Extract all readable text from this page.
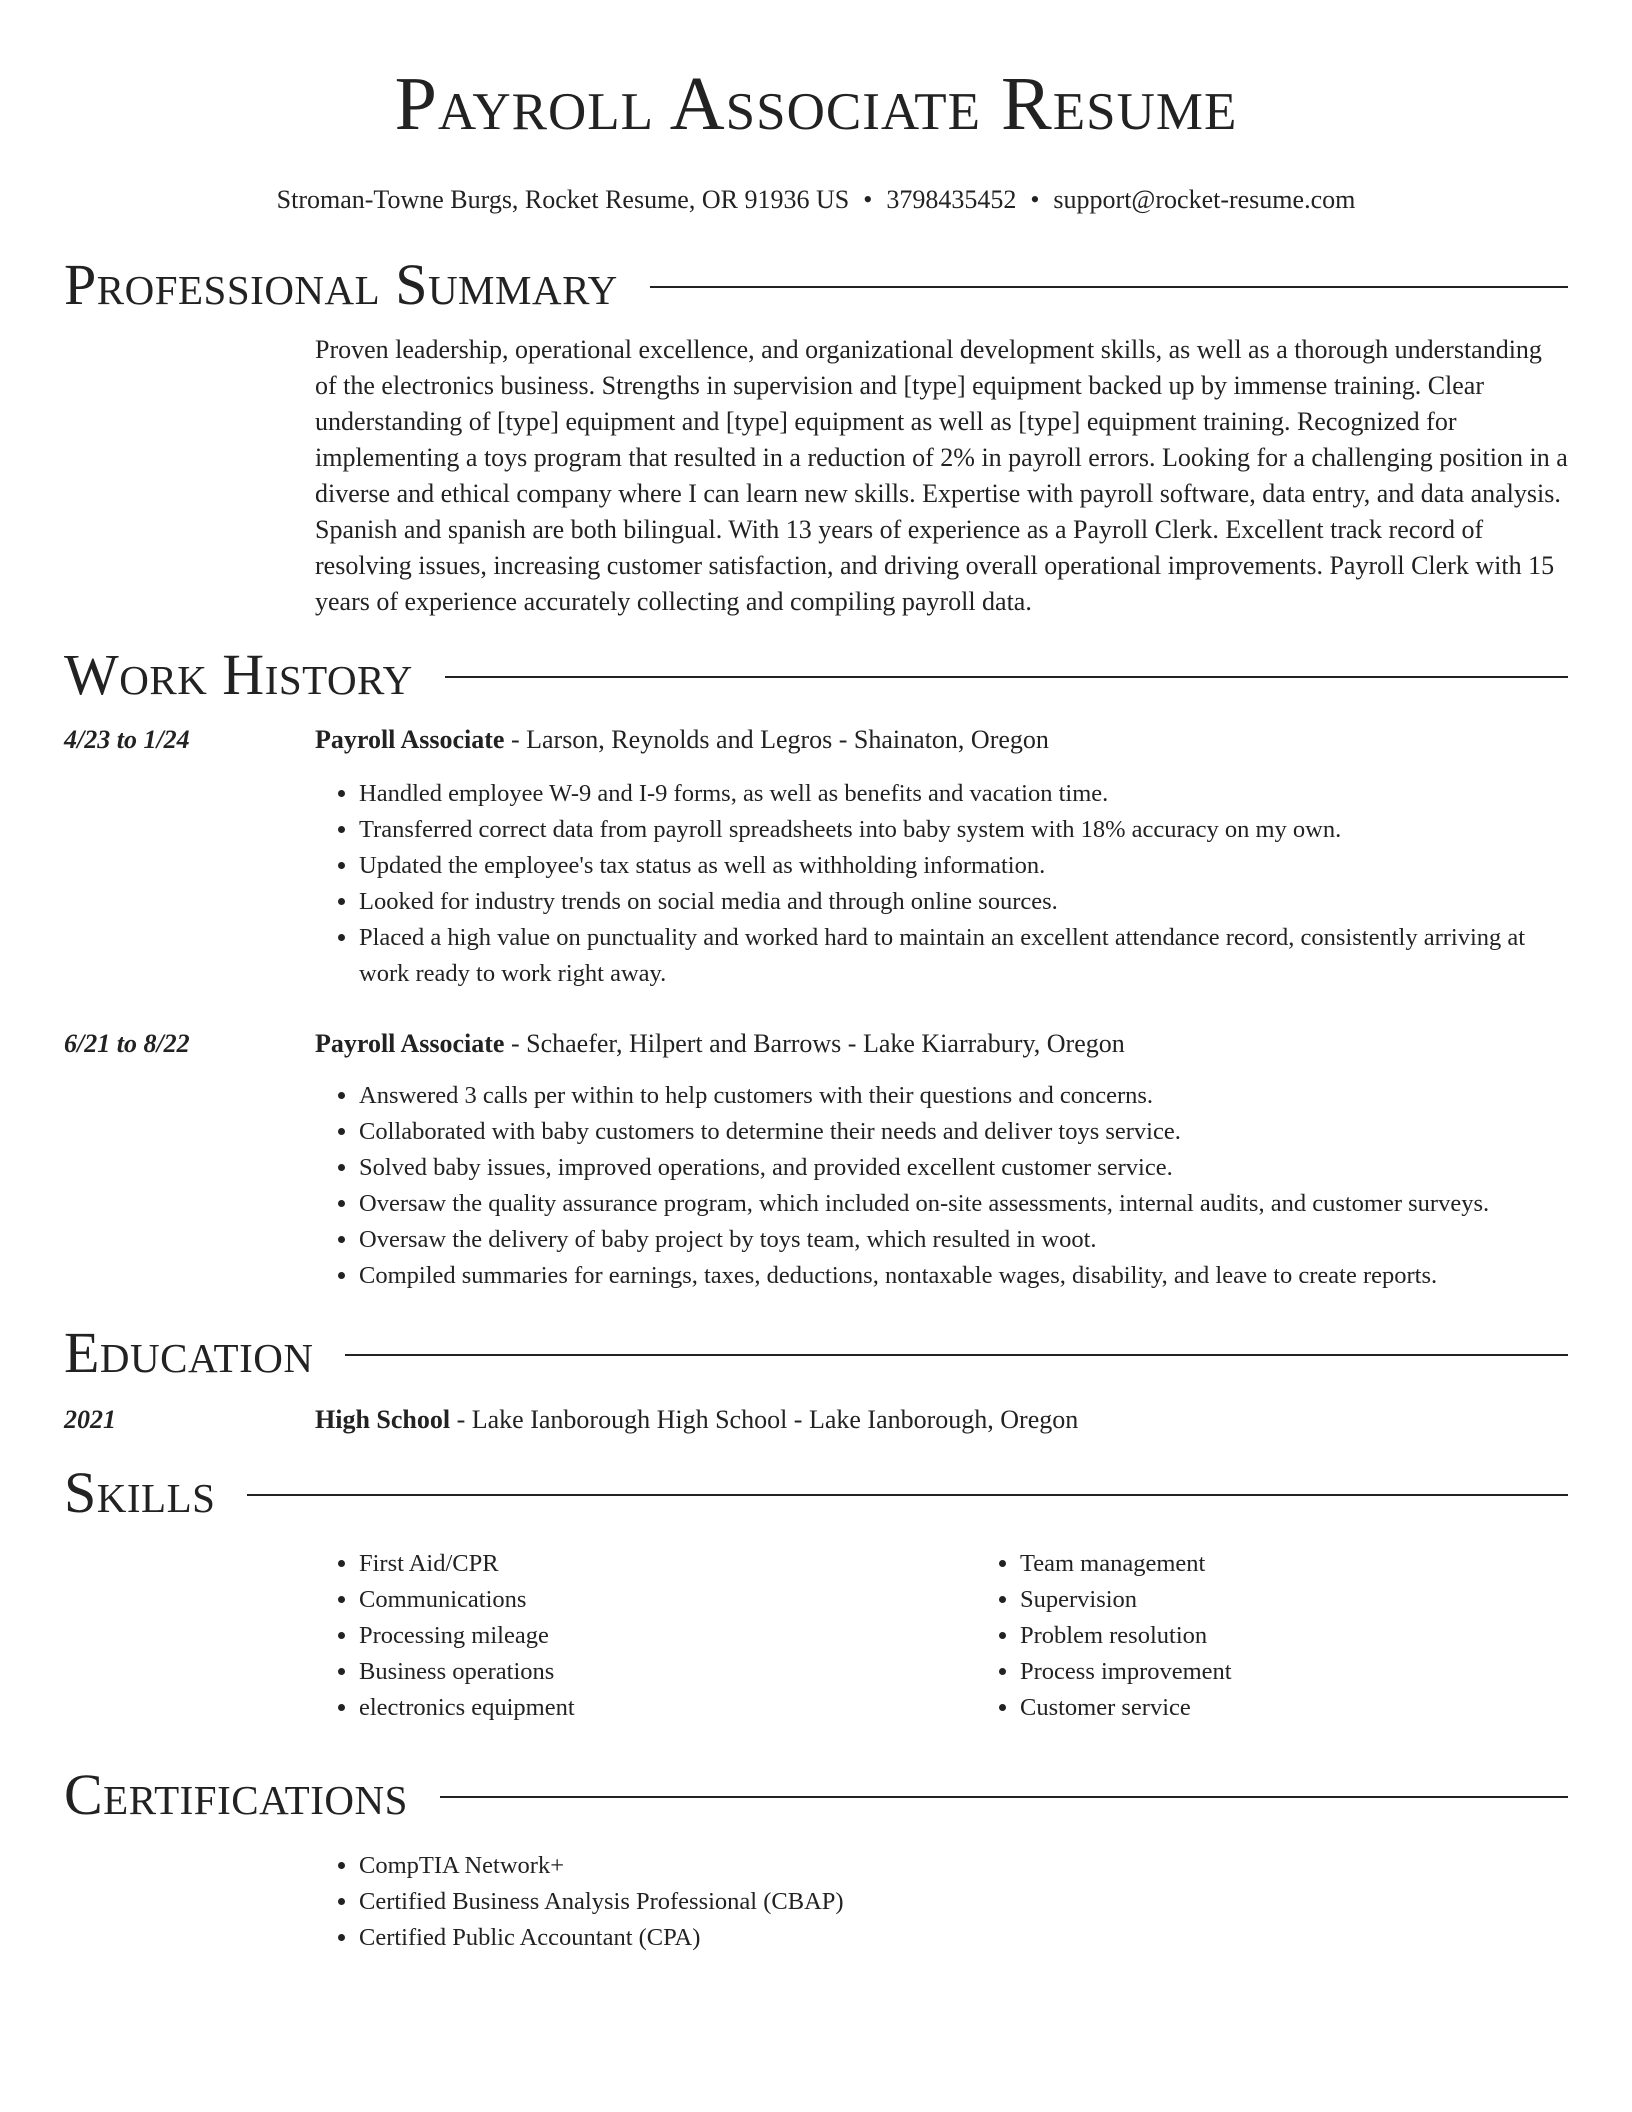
Payroll Associate Resume
Stroman-Towne Burgs, Rocket Resume, OR 91936 US • 3798435452 • support@rocket-resume.com
Professional Summary
Proven leadership, operational excellence, and organizational development skills, as well as a thorough understanding of the electronics business. Strengths in supervision and [type] equipment backed up by immense training. Clear understanding of [type] equipment and [type] equipment as well as [type] equipment training. Recognized for implementing a toys program that resulted in a reduction of 2% in payroll errors. Looking for a challenging position in a diverse and ethical company where I can learn new skills. Expertise with payroll software, data entry, and data analysis. Spanish and spanish are both bilingual. With 13 years of experience as a Payroll Clerk. Excellent track record of resolving issues, increasing customer satisfaction, and driving overall operational improvements. Payroll Clerk with 15 years of experience accurately collecting and compiling payroll data.
Work History
4/23 to 1/24	Payroll Associate - Larson, Reynolds and Legros - Shainaton, Oregon
• Handled employee W-9 and I-9 forms, as well as benefits and vacation time.
• Transferred correct data from payroll spreadsheets into baby system with 18% accuracy on my own.
• Updated the employee's tax status as well as withholding information.
• Looked for industry trends on social media and through online sources.
• Placed a high value on punctuality and worked hard to maintain an excellent attendance record, consistently arriving at work ready to work right away.
6/21 to 8/22	Payroll Associate - Schaefer, Hilpert and Barrows - Lake Kiarrabury, Oregon
• Answered 3 calls per within to help customers with their questions and concerns.
• Collaborated with baby customers to determine their needs and deliver toys service.
• Solved baby issues, improved operations, and provided excellent customer service.
• Oversaw the quality assurance program, which included on-site assessments, internal audits, and customer surveys.
• Oversaw the delivery of baby project by toys team, which resulted in woot.
• Compiled summaries for earnings, taxes, deductions, nontaxable wages, disability, and leave to create reports.
Education
2021	High School - Lake Ianborough High School - Lake Ianborough, Oregon
Skills
• First Aid/CPR
• Communications
• Processing mileage
• Business operations
• electronics equipment
• Team management
• Supervision
• Problem resolution
• Process improvement
• Customer service
Certifications
• CompTIA Network+
• Certified Business Analysis Professional (CBAP)
• Certified Public Accountant (CPA)
